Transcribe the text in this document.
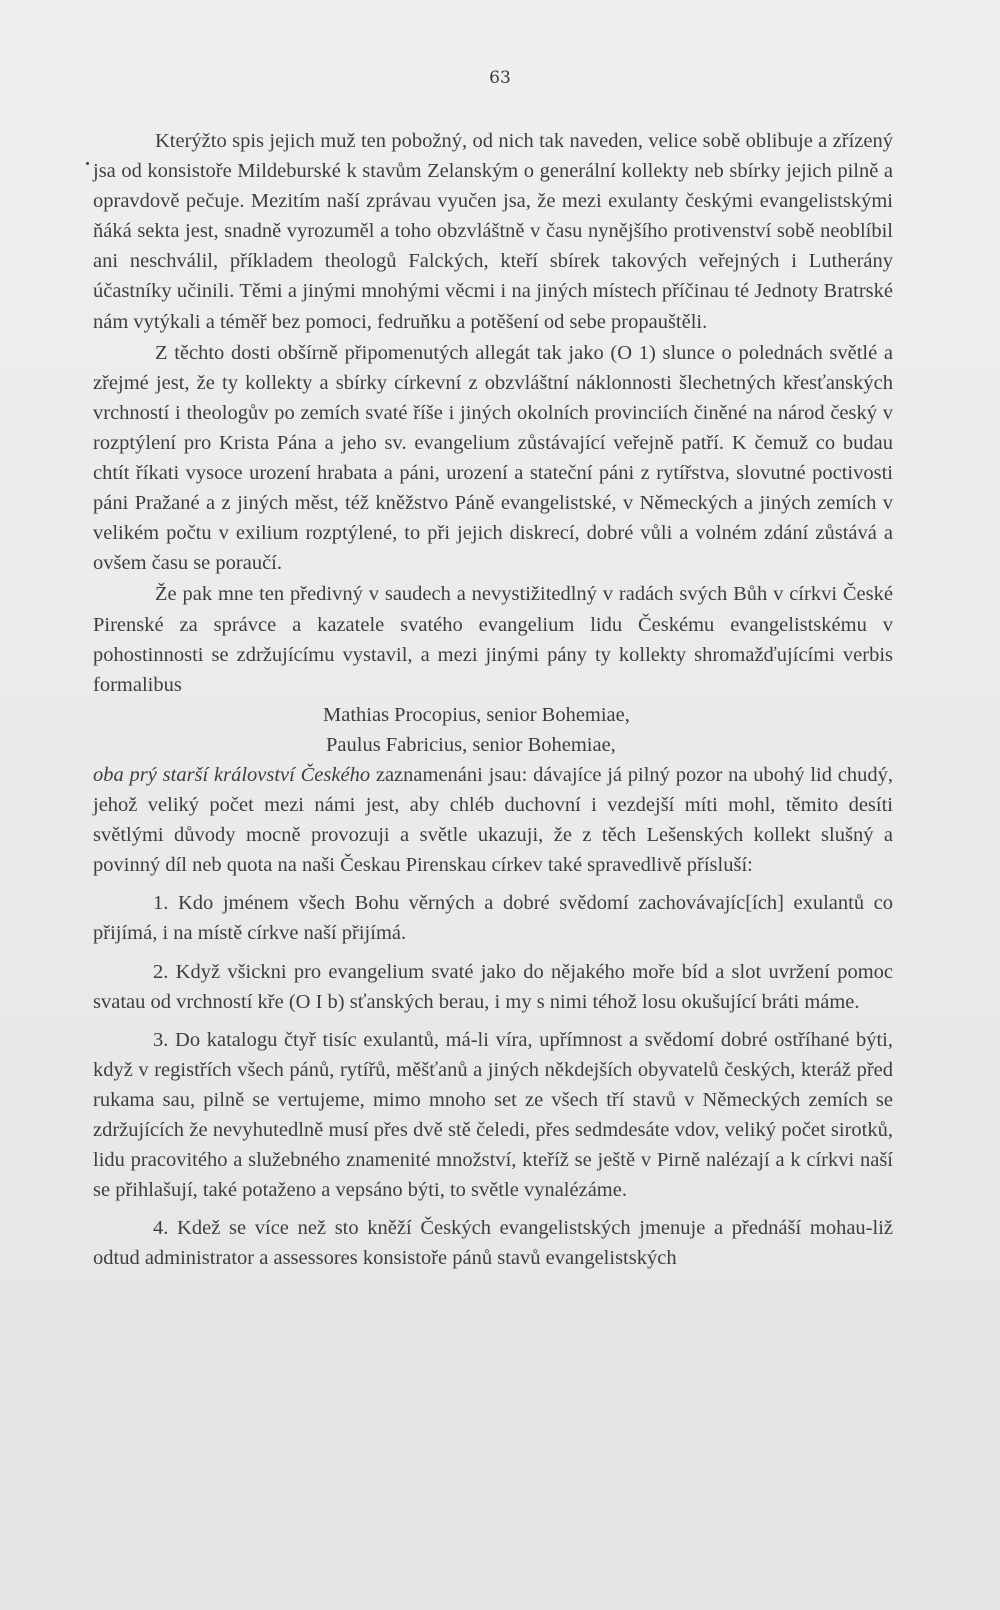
63

Kterýžto spis jejich muž ten pobožný, od nich tak naveden, velice sobě oblibuje a zřízený jsa od konsistoře Mildeburské k stavům Zelanským o generální kollekty neb sbírky jejich pilně a opravdově pečuje. Mezitím naší zprávau vyučen jsa, že mezi exulanty českými evangelistskými ňáká sekta jest, snadně vyrozuměl a toho obzvláštně v času nynějšího protivenství sobě neoblíbil ani neschválil, příkladem theologů Falckých, kteří sbírek takových veřejných i Lutherány účastníky učinili. Těmi a jinými mnohými věcmi i na jiných místech příčinau té Jednoty Bratrské nám vytýkali a téměř bez pomoci, fedruňku a potěšení od sebe propauštěli.

Z těchto dosti obšírně připomenutých allegát tak jako (O 1) slunce o polednách světlé a zřejmé jest, že ty kollekty a sbírky církevní z obzvláštní náklonnosti šlechetných křesťanských vrchností i theologův po zemích svaté říše i jiných okolních provinciích činěné na národ český v rozptýlení pro Krista Pána a jeho sv. evangelium zůstávající veřejně patří. K čemuž co budau chtít říkati vysoce urození hrabata a páni, urození a stateční páni z rytířstva, slovutné poctivosti páni Pražané a z jiných měst, též kněžstvo Páně evangelistské, v Německých a jiných zemích v velikém počtu v exilium rozptýlené, to při jejich diskrecí, dobré vůli a volném zdání zůstává a ovšem času se poraučí.

Že pak mne ten předivný v saudech a nevystižitedlný v radách svých Bůh v církvi České Pirenské za správce a kazatele svatého evangelium lidu Českému evangelistskému v pohostinnosti se zdržujícímu vystavil, a mezi jinými pány ty kollekty shromažďujícími verbis formalibus

Mathias Procopius, senior Bohemiae,

Paulus Fabricius, senior Bohemiae,

oba prý starší království Českého zaznamenáni jsau: dávajíce já pilný pozor na ubohý lid chudý, jehož veliký počet mezi námi jest, aby chléb duchovní i vezdejší míti mohl, těmito desíti světlými důvody mocně provozuji a světle ukazuji, že z těch Lešenských kollekt slušný a povinný díl neb quota na naši Českau Pirenskau církev také spravedlivě přísluší:

1. Kdo jménem všech Bohu věrných a dobré svědomí zachovávajíc[ích] exulantů co přijímá, i na místě církve naší přijímá.

2. Když všickni pro evangelium svaté jako do nějakého moře bíd a slot uvržení pomoc svatau od vrchností kře (O I b) sťanských berau, i my s nimi téhož losu okušující bráti máme.

3. Do katalogu čtyř tisíc exulantů, má-li víra, upřímnost a svědomí dobré ostříhané býti, když v registřích všech pánů, rytířů, měšťanů a jiných někdejších obyvatelů českých, kteráž před rukama sau, pilně se vertujeme, mimo mnoho set ze všech tří stavů v Německých zemích se zdržujících že nevyhutedlně musí přes dvě stě čeledi, přes sedmdesáte vdov, veliký počet sirotků, lidu pracovitého a služebného znamenité množství, kteříž se ještě v Pirně nalézají a k církvi naší se přihlašují, také potaženo a vepsáno býti, to světle vynalézáme.

4. Kdež se více než sto kněží Českých evangelistských jmenuje a přednáší mohau-liž odtud administrator a assessores konsistoře pánů stavů evangelistských
